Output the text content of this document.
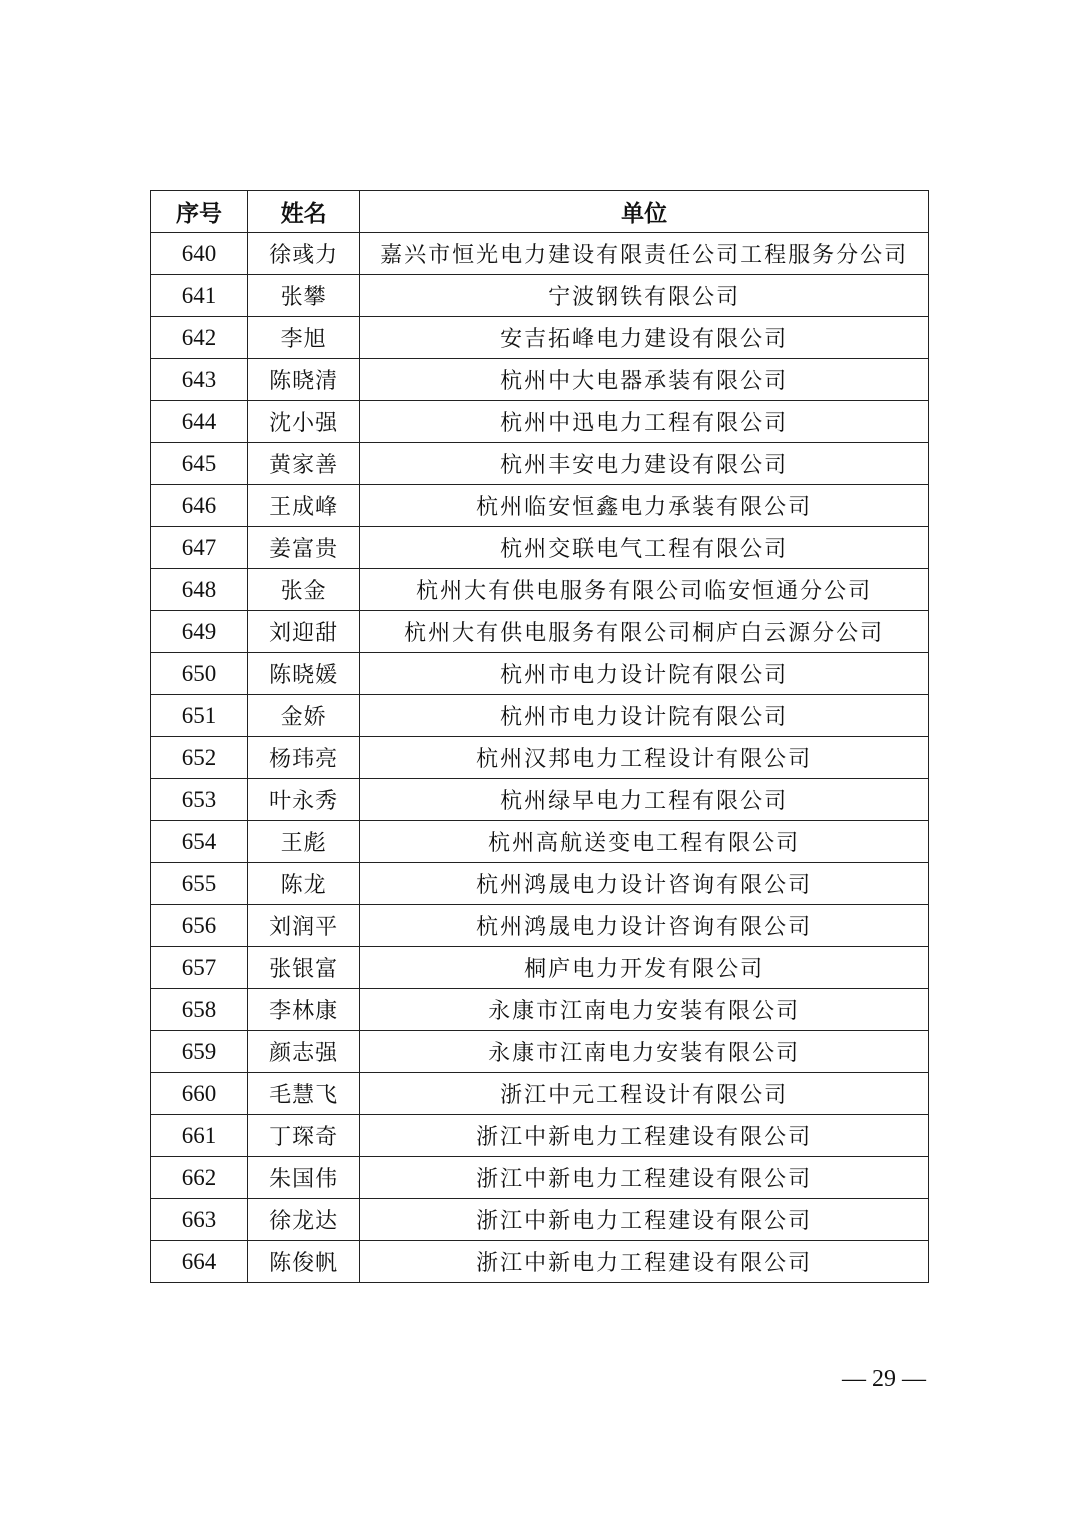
序号	姓名	单位
640	徐彧力	嘉兴市恒光电力建设有限责任公司工程服务分公司
641	张攀	宁波钢铁有限公司
642	李旭	安吉拓峰电力建设有限公司
643	陈晓清	杭州中大电器承装有限公司
644	沈小强	杭州中迅电力工程有限公司
645	黄家善	杭州丰安电力建设有限公司
646	王成峰	杭州临安恒鑫电力承装有限公司
647	姜富贵	杭州交联电气工程有限公司
648	张金	杭州大有供电服务有限公司临安恒通分公司
649	刘迎甜	杭州大有供电服务有限公司桐庐白云源分公司
650	陈晓媛	杭州市电力设计院有限公司
651	金娇	杭州市电力设计院有限公司
652	杨玮亮	杭州汉邦电力工程设计有限公司
653	叶永秀	杭州绿早电力工程有限公司
654	王彪	杭州高航送变电工程有限公司
655	陈龙	杭州鸿晟电力设计咨询有限公司
656	刘润平	杭州鸿晟电力设计咨询有限公司
657	张银富	桐庐电力开发有限公司
658	李林康	永康市江南电力安装有限公司
659	颜志强	永康市江南电力安装有限公司
660	毛慧飞	浙江中元工程设计有限公司
661	丁琛奇	浙江中新电力工程建设有限公司
662	朱国伟	浙江中新电力工程建设有限公司
663	徐龙达	浙江中新电力工程建设有限公司
664	陈俊帆	浙江中新电力工程建设有限公司
— 29 —
